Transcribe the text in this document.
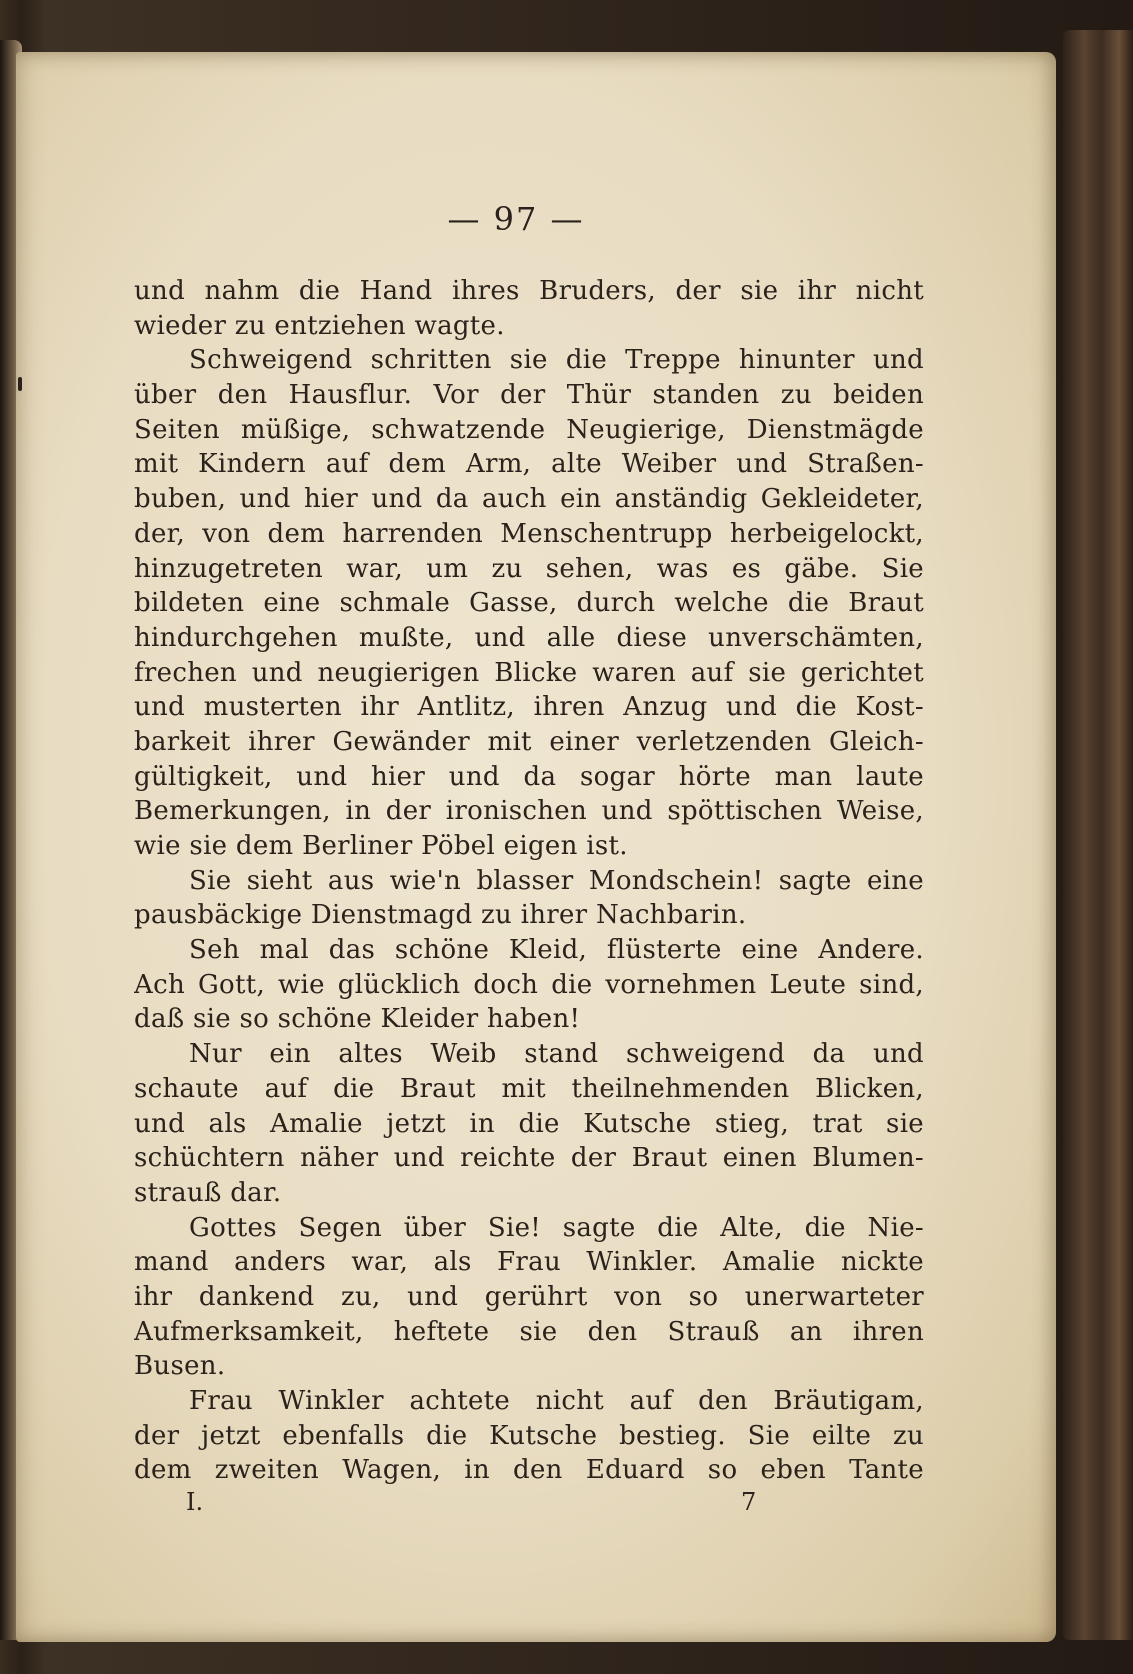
— 97 —
und nahm die Hand ihres Bruders, der sie ihr nicht
wieder zu entziehen wagte.
Schweigend schritten sie die Treppe hinunter und
über den Hausflur. Vor der Thür standen zu beiden
Seiten müßige, schwatzende Neugierige, Dienstmägde
mit Kindern auf dem Arm, alte Weiber und Straßen-
buben, und hier und da auch ein anständig Gekleideter,
der, von dem harrenden Menschentrupp herbeigelockt,
hinzugetreten war, um zu sehen, was es gäbe. Sie
bildeten eine schmale Gasse, durch welche die Braut
hindurchgehen mußte, und alle diese unverschämten,
frechen und neugierigen Blicke waren auf sie gerichtet
und musterten ihr Antlitz, ihren Anzug und die Kost-
barkeit ihrer Gewänder mit einer verletzenden Gleich-
gültigkeit, und hier und da sogar hörte man laute
Bemerkungen, in der ironischen und spöttischen Weise,
wie sie dem Berliner Pöbel eigen ist.
Sie sieht aus wie'n blasser Mondschein! sagte eine
pausbäckige Dienstmagd zu ihrer Nachbarin.
Seh mal das schöne Kleid, flüsterte eine Andere.
Ach Gott, wie glücklich doch die vornehmen Leute sind,
daß sie so schöne Kleider haben!
Nur ein altes Weib stand schweigend da und
schaute auf die Braut mit theilnehmenden Blicken,
und als Amalie jetzt in die Kutsche stieg, trat sie
schüchtern näher und reichte der Braut einen Blumen-
strauß dar.
Gottes Segen über Sie! sagte die Alte, die Nie-
mand anders war, als Frau Winkler. Amalie nickte
ihr dankend zu, und gerührt von so unerwarteter
Aufmerksamkeit, heftete sie den Strauß an ihren
Busen.
Frau Winkler achtete nicht auf den Bräutigam,
der jetzt ebenfalls die Kutsche bestieg. Sie eilte zu
dem zweiten Wagen, in den Eduard so eben Tante
I.	7
